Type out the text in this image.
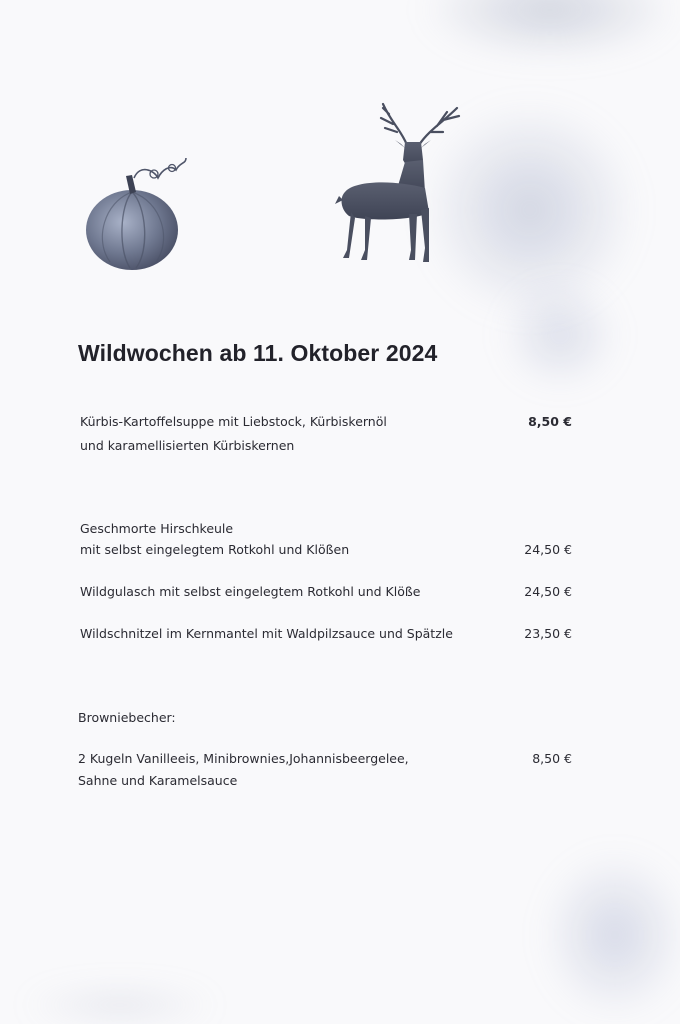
Wildwochen ab 11. Oktober 2024
Kürbis-Kartoffelsuppe mit Liebstock, Kürbiskernöl
und karamellisierten Kürbiskernen
8,50 €
Geschmorte Hirschkeule
mit selbst eingelegtem Rotkohl und Klößen	24,50 €
Wildgulasch mit selbst eingelegtem Rotkohl und Klöße	24,50 €
Wildschnitzel im Kernmantel mit Waldpilzsauce und Spätzle	23,50 €
Browniebecher:
2 Kugeln Vanilleeis, Minibrownies,Johannisbeergelee,
Sahne und Karamelsauce
8,50 €
